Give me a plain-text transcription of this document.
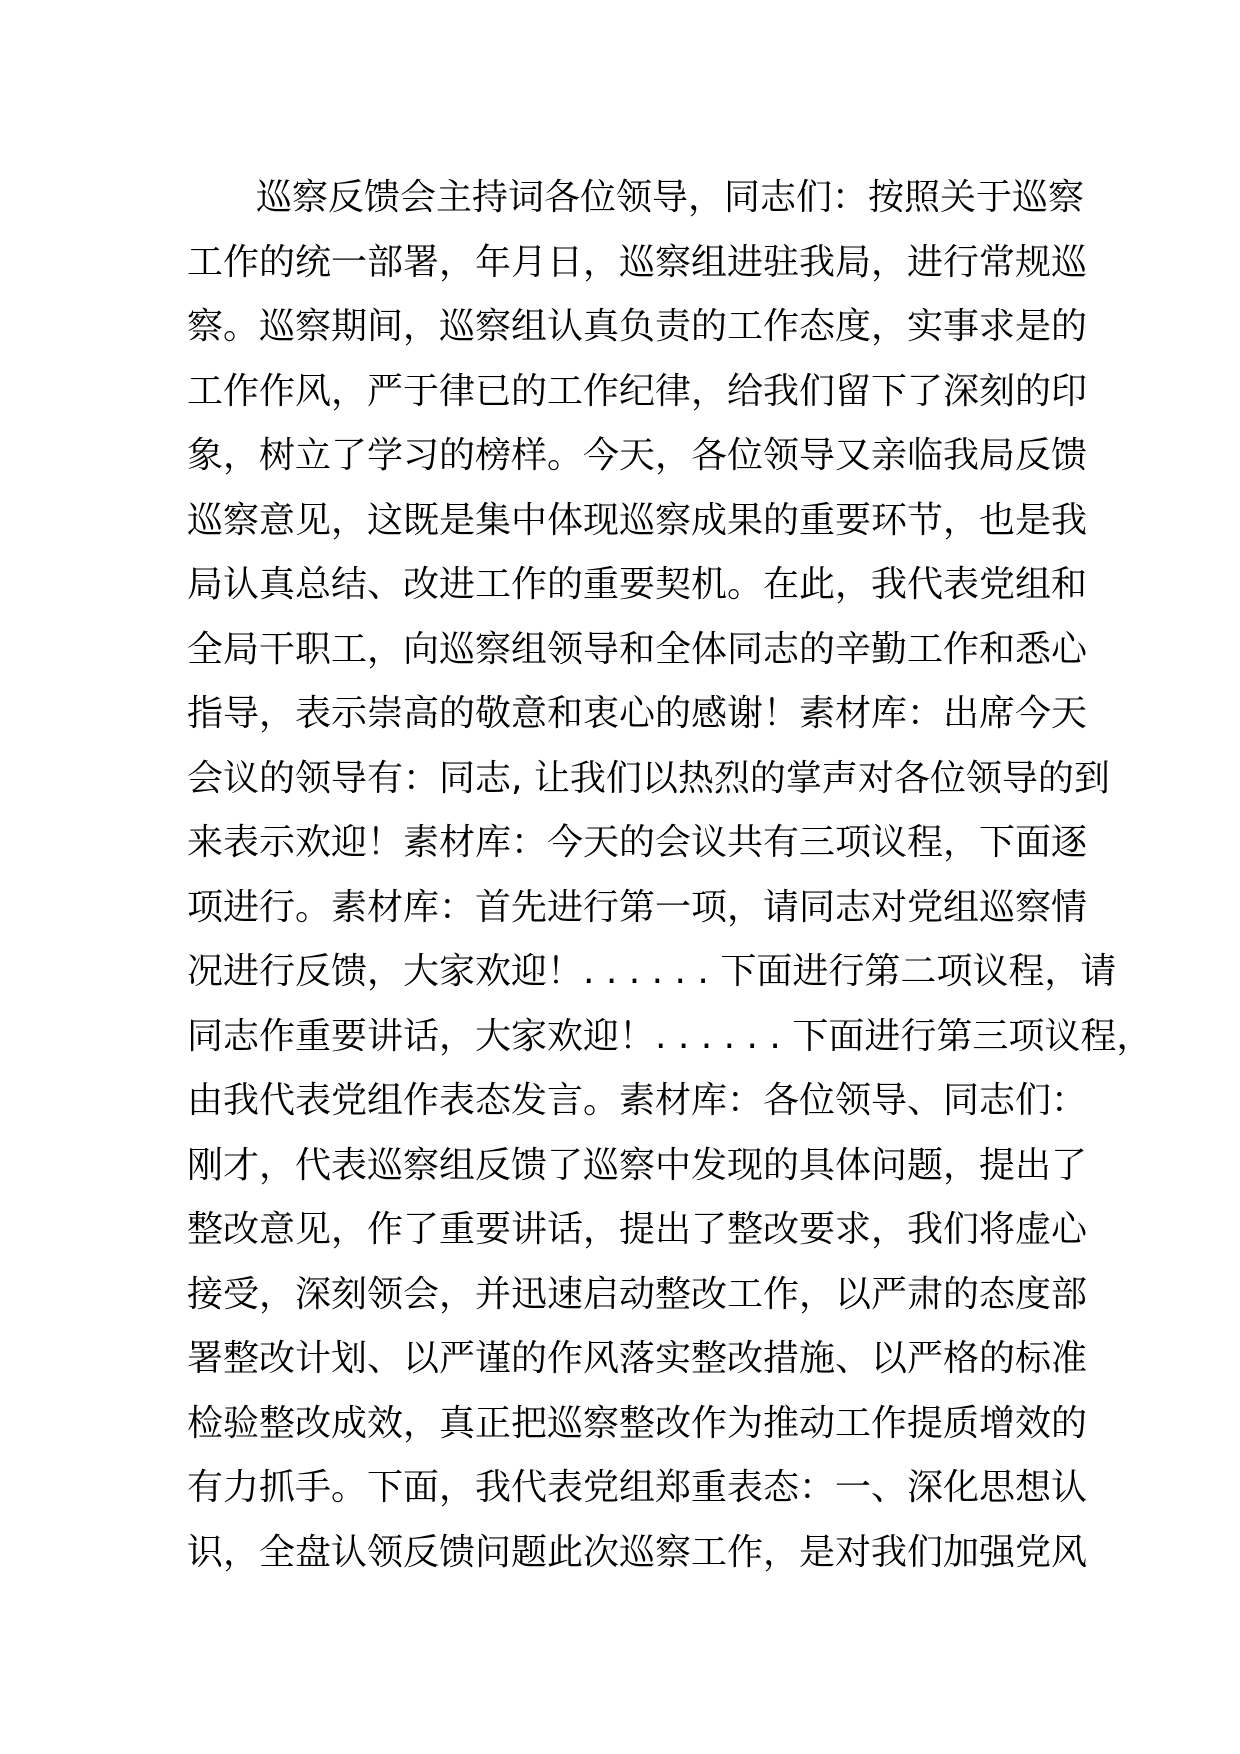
巡察反馈会主持词各位领导，同志们：按照关于巡察
工作的统一部署，年月日，巡察组进驻我局，进行常规巡
察。巡察期间，巡察组认真负责的工作态度，实事求是的
工作作风，严于律已的工作纪律，给我们留下了深刻的印
象，树立了学习的榜样。今天，各位领导又亲临我局反馈
巡察意见，这既是集中体现巡察成果的重要环节，也是我
局认真总结、改进工作的重要契机。在此，我代表党组和
全局干职工，向巡察组领导和全体同志的辛勤工作和悉心
指导，表示崇高的敬意和衷心的感谢！素材库：出席今天
会议的领导有：同志, 让我们以热烈的掌声对各位领导的到
来表示欢迎！素材库：今天的会议共有三项议程，下面逐
项进行。素材库：首先进行第一项，请同志对党组巡察情
况进行反馈，大家欢迎！. . . . . . 下面进行第二项议程，请
同志作重要讲话，大家欢迎！. . . . . . 下面进行第三项议程，
由我代表党组作表态发言。素材库：各位领导、同志们：
刚才，代表巡察组反馈了巡察中发现的具体问题，提出了
整改意见，作了重要讲话，提出了整改要求，我们将虚心
接受，深刻领会，并迅速启动整改工作，以严肃的态度部
署整改计划、以严谨的作风落实整改措施、以严格的标准
检验整改成效，真正把巡察整改作为推动工作提质增效的
有力抓手。下面，我代表党组郑重表态：一、深化思想认
识，全盘认领反馈问题此次巡察工作，是对我们加强党风
